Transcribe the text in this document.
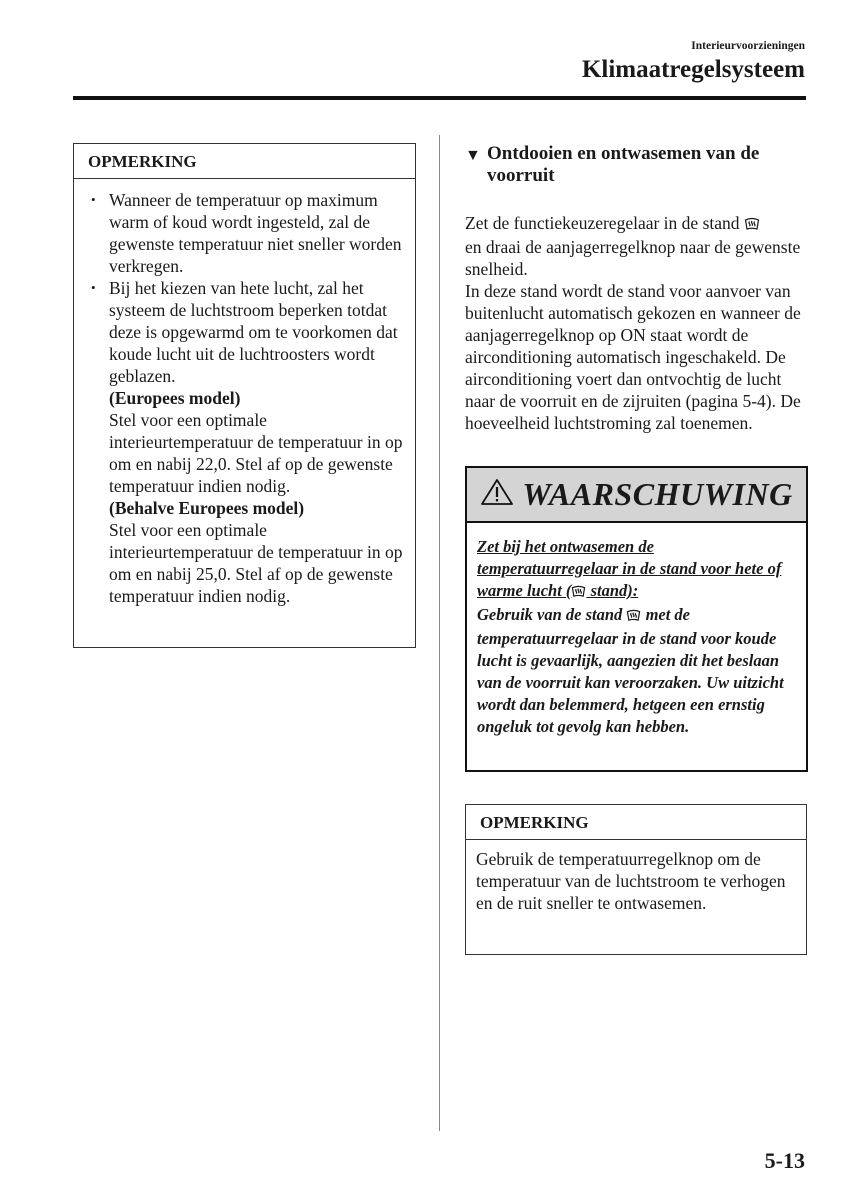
Interieurvoorzieningen
Klimaatregelsysteem
OPMERKING
• Wanneer de temperatuur op maximum warm of koud wordt ingesteld, zal de gewenste temperatuur niet sneller worden verkregen.
• Bij het kiezen van hete lucht, zal het systeem de luchtstroom beperken totdat deze is opgewarmd om te voorkomen dat koude lucht uit de luchtroosters wordt geblazen.
(Europees model)
Stel voor een optimale interieurtemperatuur de temperatuur in op om en nabij 22,0. Stel af op de gewenste temperatuur indien nodig.
(Behalve Europees model)
Stel voor een optimale interieurtemperatuur de temperatuur in op om en nabij 25,0. Stel af op de gewenste temperatuur indien nodig.
▼ Ontdooien en ontwasemen van de voorruit
Zet de functiekeuzeregelaar in de stand
en draai de aanjagerregelknop naar de gewenste snelheid.
In deze stand wordt de stand voor aanvoer van buitenlucht automatisch gekozen en wanneer de aanjagerregelknop op ON staat wordt de airconditioning automatisch ingeschakeld. De airconditioning voert dan ontvochtig de lucht naar de voorruit en de zijruiten (pagina 5-4). De hoeveelheid luchtstroming zal toenemen.
WAARSCHUWING
Zet bij het ontwasemen de temperatuurregelaar in de stand voor hete of warme lucht ( stand):
Gebruik van de stand met de temperatuurregelaar in de stand voor koude lucht is gevaarlijk, aangezien dit het beslaan van de voorruit kan veroorzaken. Uw uitzicht wordt dan belemmerd, hetgeen een ernstig ongeluk tot gevolg kan hebben.
OPMERKING
Gebruik de temperatuurregelknop om de temperatuur van de luchtstroom te verhogen en de ruit sneller te ontwasemen.
5-13
